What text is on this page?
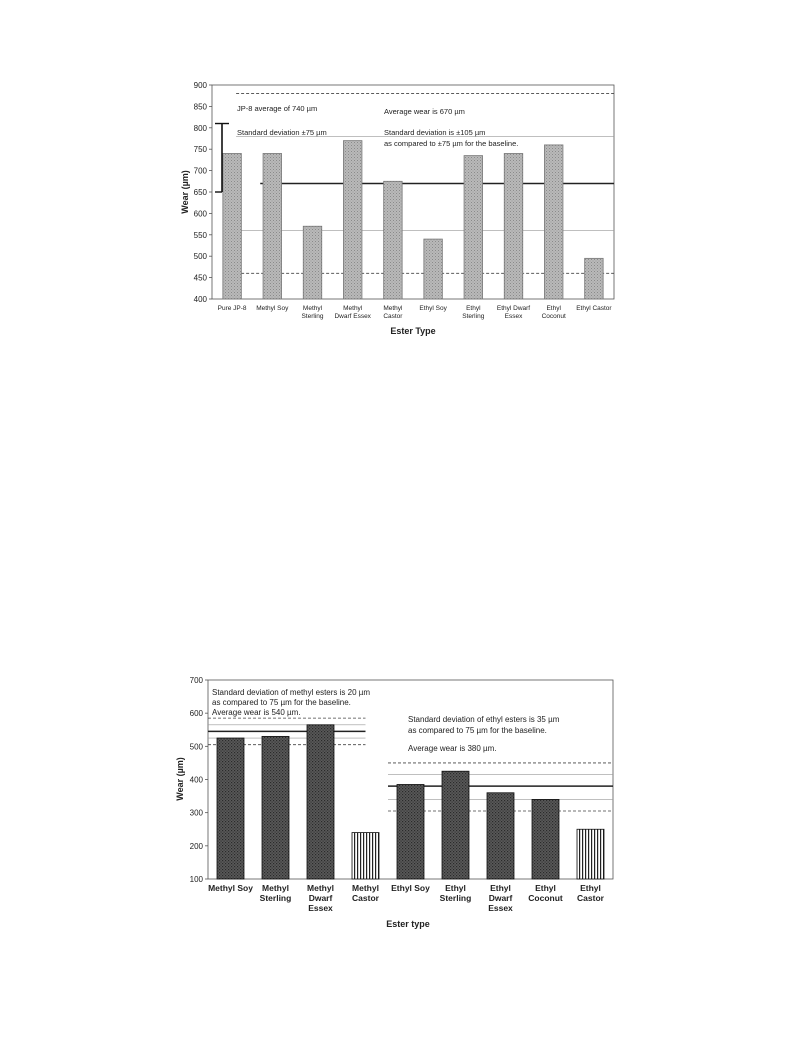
400
450
500
550
600
650
700
750
800
850
900
Pure JP-8 Methyl Soy Methyl Sterling
Methyl Dwarf Essex
Methyl Castor
Ethyl Soy	Ethyl Sterling
Ethyl Dwarf Essex
Ethyl Coconut
Ethyl Castor
JP-8 average of 740 µm
Standard deviation ±75 µm
Average wear is 670 µm
Standard deviation is ±105 µm
as compared to ±75 µm for the baseline.
Ester Type
Wear (µm)
100
200
300
400
500
600
700
Methyl Soy Methyl Sterling
Methyl Dwarf Essex
Methyl Castor
Ethyl Soy	Ethyl Sterling
Ethyl Dwarf Essex
Ethyl Coconut
Ethyl Castor
Standard deviation of methyl esters is 20 µm
as compared to 75 µm for the baseline.
Average wear is 540 µm.
Standard deviation of ethyl esters is 35 µm
as compared to 75 µm for the baseline.
Average wear is 380 µm.
Ester type
Wear (µm)
